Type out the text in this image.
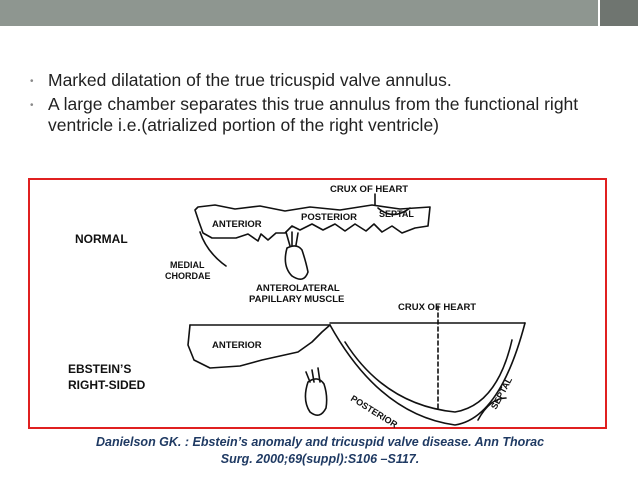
• Marked dilatation of the true tricuspid valve annulus.
• A large chamber separates this true annulus from the functional right ventricle i.e.(atrialized portion of the right ventricle)
NORMAL
EBSTEIN’S
RIGHT-SIDED
CRUX OF HEART
ANTERIOR
POSTERIOR SEPTAL
MEDIAL
CHORDAE
ANTEROLATERAL
PAPILLARY MUSCLE
CRUX OF HEART
ANTERIOR
POSTERIOR
SEPTAL
Danielson GK. : Ebstein’s anomaly and tricuspid valve disease. Ann Thorac
Surg. 2000;69(suppl):S106 –S117.
